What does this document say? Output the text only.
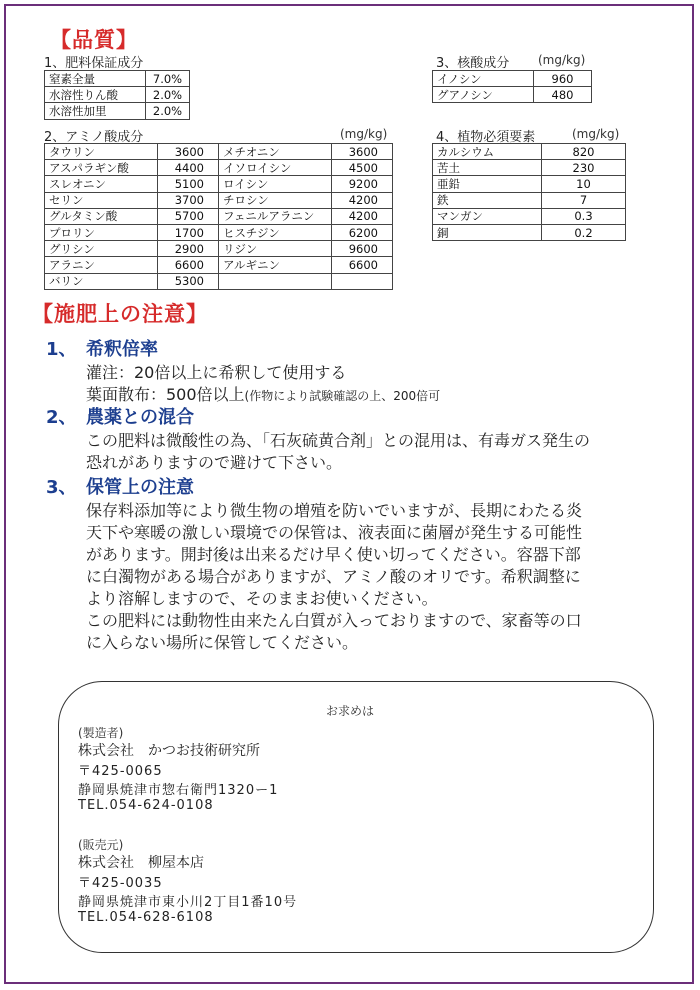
【品質】
1、肥料保証成分
窒素全量	7.0%
水溶性りん酸	2.0%
水溶性加里	2.0%
3、核酸成分 (mg/kg)
イノシン	960
グアノシン	480
2、アミノ酸成分	(mg/kg)
タウリン	3600	メチオニン	3600
アスパラギン酸	4400	イソロイシン	4500
スレオニン	5100	ロイシン	9200
セリン	3700	チロシン	4200
グルタミン酸	5700	フェニルアラニン	4200
プロリン	1700	ヒスチジン	6200
グリシン	2900	リジン	9600
アラニン	6600	アルギニン	6600
バリン	5300		
4、植物必須要素	(mg/kg)
カルシウム	820
苦土	230
亜鉛	10
鉄	7
マンガン	0.3
銅	0.2
【施肥上の注意】
1、 希釈倍率
灌注：20倍以上に希釈して使用する
葉面散布：500倍以上(作物により試験確認の上、200倍可
2、 農薬との混合
この肥料は微酸性の為、「石灰硫黄合剤」との混用は、有毒ガス発生の
恐れがありますので避けて下さい。
3、 保管上の注意
保存料添加等により微生物の増殖を防いでいますが、長期にわたる炎
天下や寒暖の激しい環境での保管は、液表面に菌層が発生する可能性
があります。開封後は出来るだけ早く使い切ってください。容器下部
に白濁物がある場合がありますが、アミノ酸のオリです。希釈調整に
より溶解しますので、そのままお使いください。
この肥料には動物性由来たん白質が入っておりますので、家畜等の口
に入らない場所に保管してください。
お求めは
(製造者)
株式会社　かつお技術研究所
〒425-0065
静岡県焼津市惣右衛門1320ー1
TEL.054-624-0108
(販売元)
株式会社　柳屋本店
〒425-0035
静岡県焼津市東小川2丁目1番10号
TEL.054-628-6108
